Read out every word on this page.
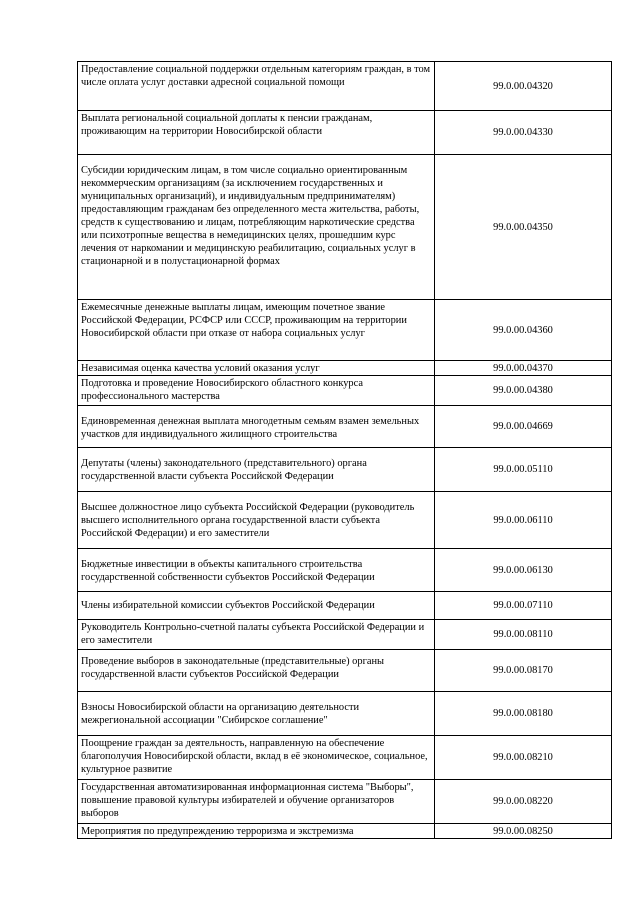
Предоставление социальной поддержки отдельным категориям граждан, в том числе оплата услуг доставки адресной социальной помощи	99.0.00.04320
Выплата региональной социальной доплаты к пенсии гражданам, проживающим на территории Новосибирской области	99.0.00.04330
Субсидии юридическим лицам, в том числе социально ориентированным некоммерческим организациям (за исключением государственных и муниципальных организаций), и индивидуальным предпринимателям) предоставляющим гражданам без определенного места жительства, работы, средств к существованию и лицам, потребляющим наркотические средства или психотропные вещества в немедицинских целях, прошедшим курс лечения от наркомании и медицинскую реабилитацию, социальных услуг в стационарной и в полустационарной формах	99.0.00.04350
Ежемесячные денежные выплаты лицам, имеющим почетное звание Российской Федерации, РСФСР или СССР, проживающим на территории Новосибирской области при отказе от набора социальных услуг	99.0.00.04360
Независимая оценка качества условий оказания услуг	99.0.00.04370
Подготовка и проведение Новосибирского областного конкурса профессионального мастерства	99.0.00.04380
Единовременная денежная выплата многодетным семьям взамен земельных участков для индивидуального жилищного строительства	99.0.00.04669
Депутаты (члены) законодательного (представительного) органа государственной власти субъекта Российской Федерации	99.0.00.05110
Высшее должностное лицо субъекта Российской Федерации (руководитель высшего исполнительного органа государственной власти субъекта Российской Федерации) и его заместители	99.0.00.06110
Бюджетные инвестиции в объекты капитального строительства государственной собственности субъектов Российской Федерации	99.0.00.06130
Члены избирательной комиссии субъектов Российской Федерации	99.0.00.07110
Руководитель Контрольно-счетной палаты субъекта Российской Федерации и его заместители	99.0.00.08110
Проведение выборов в законодательные (представительные) органы государственной власти субъектов Российской Федерации	99.0.00.08170
Взносы Новосибирской области на организацию деятельности межрегиональной ассоциации "Сибирское соглашение"	99.0.00.08180
Поощрение граждан за деятельность, направленную на обеспечение благополучия Новосибирской области, вклад в её экономическое, социальное, культурное развитие	99.0.00.08210
Государственная автоматизированная информационная система "Выборы", повышение правовой культуры избирателей и обучение организаторов выборов	99.0.00.08220
Мероприятия по предупреждению терроризма и экстремизма	99.0.00.08250
